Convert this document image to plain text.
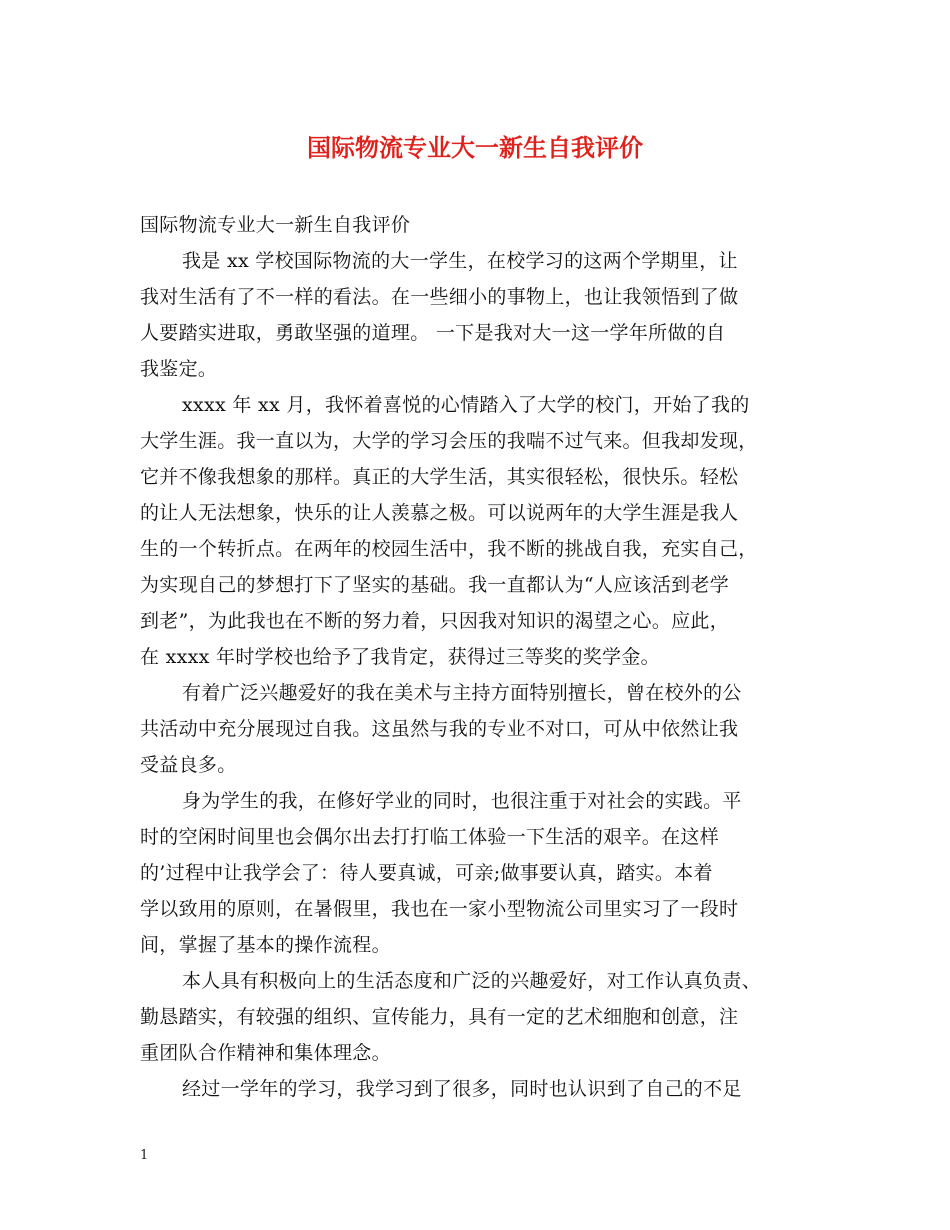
国际物流专业大一新生自我评价
国际物流专业大一新生自我评价
我是 xx 学校国际物流的大一学生，在校学习的这两个学期里，让
我对生活有了不一样的看法。在一些细小的事物上，也让我领悟到了做
人要踏实进取，勇敢坚强的道理。 一下是我对大一这一学年所做的自
我鉴定。
xxxx 年 xx 月，我怀着喜悦的心情踏入了大学的校门，开始了我的
大学生涯。我一直以为，大学的学习会压的我喘不过气来。但我却发现，
它并不像我想象的那样。真正的大学生活，其实很轻松，很快乐。轻松
的让人无法想象，快乐的让人羡慕之极。可以说两年的大学生涯是我人
生的一个转折点。在两年的校园生活中，我不断的挑战自我，充实自己，
为实现自己的梦想打下了坚实的基础。我一直都认为“人应该活到老学
到老”，为此我也在不断的努力着，只因我对知识的渴望之心。应此，
在 xxxx 年时学校也给予了我肯定，获得过三等奖的奖学金。
有着广泛兴趣爱好的我在美术与主持方面特别擅长，曾在校外的公
共活动中充分展现过自我。这虽然与我的专业不对口，可从中依然让我
受益良多。
身为学生的我，在修好学业的同时，也很注重于对社会的实践。平
时的空闲时间里也会偶尔出去打打临工体验一下生活的艰辛。在这样
的’过程中让我学会了：待人要真诚，可亲;做事要认真，踏实。本着
学以致用的原则，在暑假里，我也在一家小型物流公司里实习了一段时
间，掌握了基本的操作流程。
本人具有积极向上的生活态度和广泛的兴趣爱好，对工作认真负责、
勤恳踏实，有较强的组织、宣传能力，具有一定的艺术细胞和创意，注
重团队合作精神和集体理念。
经过一学年的学习，我学习到了很多，同时也认识到了自己的不足
1
